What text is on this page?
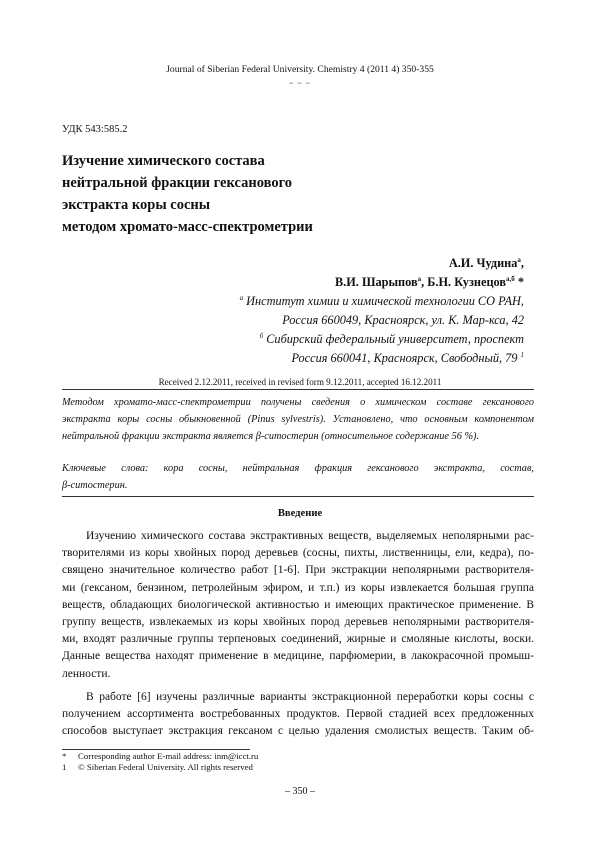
Journal of Siberian Federal University. Chemistry 4 (2011 4) 350-355
~ ~ ~
УДК 543:585.2
Изучение химического состава
нейтральной фракции гексанового
экстракта коры сосны
методом хромато-масс-спектрометрии
А.И. Чудина$^а$,
В.И. Шарыпов$^а$, Б.Н. Кузнецов$^{а,б}$ *
$^а$ Институт химии и химической технологии СО РАН,
Россия 660049, Красноярск, ул. К. Мар-кса, 42
$^б$ Сибирский федеральный университет, проспект
Россия 660041, Красноярск, Свободный, 79 $^1$
Received 2.12.2011, received in revised form 9.12.2011, accepted 16.12.2011
Методом хромато-масс-спектрометрии получены сведения о химическом составе гексанового
экстракта коры сосны обыкновенной (Pinus sylvestris). Установлено, что основным компонентом
нейтральной фракции экстракта является β-ситостерин (относительное содержание 56 %).
Ключевые слова: кора сосны, нейтральная фракция гексанового экстракта, состав,
β-ситостерин.
Введение
Изучению химического состава экстрактивных веществ, выделяемых неполярными рас-
творителями из коры хвойных пород деревьев (сосны, пихты, лиственницы, ели, кедра), по-
священо значительное количество работ [1-6]. При экстракции неполярными растворителя-
ми (гексаном, бензином, петролейным эфиром, и т.п.) из коры извлекается большая группа
веществ, обладающих биологической активностью и имеющих практическое применение. В
группу веществ, извлекаемых из коры хвойных пород деревьев неполярными растворителя-
ми, входят различные группы терпеновых соединений, жирные и смоляные кислоты, воски.
Данные вещества находят применение в медицине, парфюмерии, в лакокрасочной промыш-
ленности.
В работе [6] изучены различные варианты экстракционной переработки коры сосны с
получением ассортимента востребованных продуктов. Первой стадией всех предложенных
способов выступает экстракция гексаном с целью удаления смолистых веществ. Таким об-
* Corresponding author E-mail address: inm@icct.ru
1 © Siberian Federal University. All rights reserved
– 350 –
